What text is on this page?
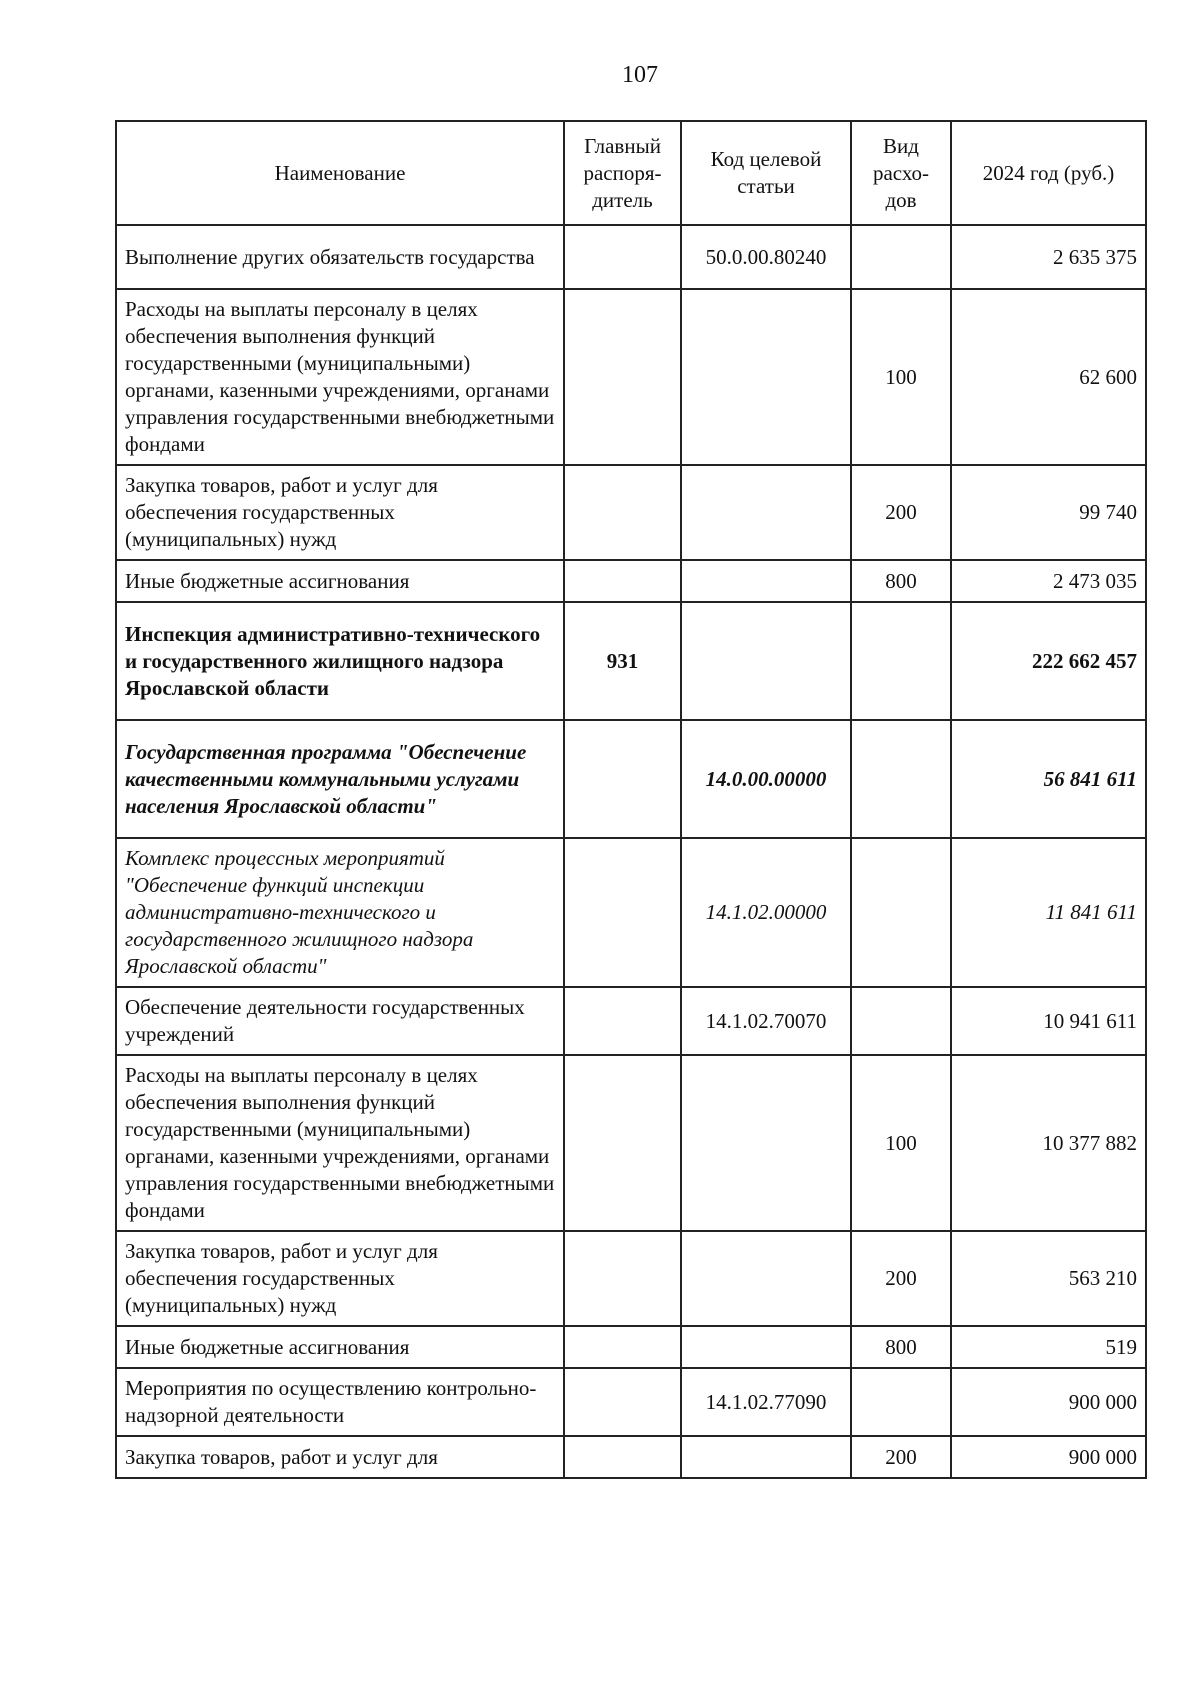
107
Наименование	Главный распоря-дитель	Код целевой статьи	Вид расхо-дов	2024 год (руб.)
Выполнение других обязательств государства		50.0.00.80240		2 635 375
Расходы на выплаты персоналу в целях обеспечения выполнения функций государственными (муниципальными) органами, казенными учреждениями, органами управления государственными внебюджетными фондами			100	62 600
Закупка товаров, работ и услуг для обеспечения государственных (муниципальных) нужд			200	99 740
Иные бюджетные ассигнования			800	2 473 035
Инспекция административно-технического и государственного жилищного надзора Ярославской области	931			222 662 457
Государственная программа "Обеспечение качественными коммунальными услугами населения Ярославской области"		14.0.00.00000		56 841 611
Комплекс процессных мероприятий "Обеспечение функций инспекции административно-технического и государственного жилищного надзора Ярославской области"		14.1.02.00000		11 841 611
Обеспечение деятельности государственных учреждений		14.1.02.70070		10 941 611
Расходы на выплаты персоналу в целях обеспечения выполнения функций государственными (муниципальными) органами, казенными учреждениями, органами управления государственными внебюджетными фондами			100	10 377 882
Закупка товаров, работ и услуг для обеспечения государственных (муниципальных) нужд			200	563 210
Иные бюджетные ассигнования			800	519
Мероприятия по осуществлению контрольно-надзорной деятельности		14.1.02.77090		900 000
Закупка товаров, работ и услуг для			200	900 000
